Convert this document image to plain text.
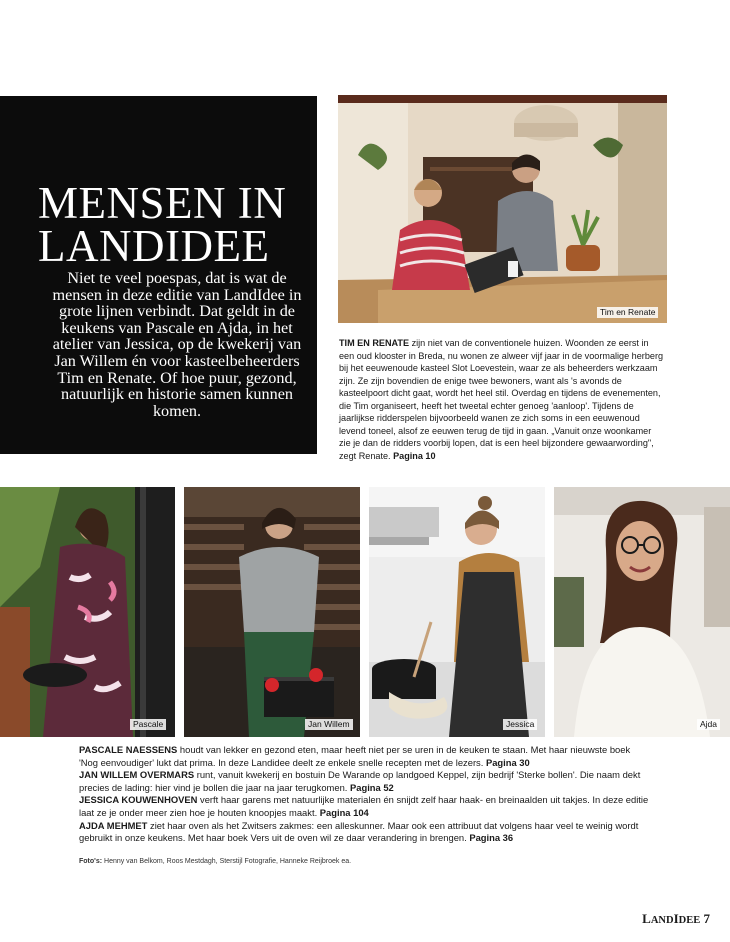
MENSEN IN
LANDIDEE

Niet te veel poespas, dat is wat de mensen in deze editie van LandIdee in grote lijnen verbindt. Dat geldt in de keukens van Pascale en Ajda, in het atelier van Jessica, op de kwekerij van Jan Willem én voor kasteelbeheerders Tim en Renate. Of hoe puur, gezond, natuurlijk en historie samen kunnen komen.

Tim en Renate

TIM EN RENATE zijn niet van de conventionele huizen. Woonden ze eerst in een oud klooster in Breda, nu wonen ze alweer vijf jaar in de voormalige herberg bij het eeuwenoude kasteel Slot Loevestein, waar ze als beheerders werkzaam zijn. Ze zijn bovendien de enige twee bewoners, want als 's avonds de kasteelpoort dicht gaat, wordt het heel stil. Overdag en tijdens de evenementen, die Tim organiseert, heeft het tweetal echter genoeg 'aanloop'. Tijdens de jaarlijkse ridderspelen bijvoorbeeld wanen ze zich soms in een eeuwenoud levend toneel, alsof ze eeuwen terug de tijd in gaan. „Vanuit onze woonkamer zie je dan de ridders voorbij lopen, dat is een heel bijzondere gewaarwording", zegt Renate. Pagina 10

Pascale	Jan Willem	Jessica	Ajda

PASCALE NAESSENS houdt van lekker en gezond eten, maar heeft niet per se uren in de keuken te staan. Met haar nieuwste boek 'Nog eenvoudiger' lukt dat prima. In deze Landidee deelt ze enkele snelle recepten met de lezers. Pagina 30

JAN WILLEM OVERMARS runt, vanuit kwekerij en bostuin De Warande op landgoed Keppel, zijn bedrijf 'Sterke bollen'. Die naam dekt precies de lading: hier vind je bollen die jaar na jaar terugkomen. Pagina 52

JESSICA KOUWENHOVEN verft haar garens met natuurlijke materialen én snijdt zelf haar haak- en breinaalden uit takjes. In deze editie laat ze je onder meer zien hoe je houten knoopjes maakt. Pagina 104

AJDA MEHMET ziet haar oven als het Zwitsers zakmes: een alleskunner. Maar ook een attribuut dat volgens haar veel te weinig wordt gebruikt in onze keukens. Met haar boek Vers uit de oven wil ze daar verandering in brengen. Pagina 36

Foto's: Henny van Belkom, Roos Mestdagh, Sterstijl Fotografie, Hanneke Reijbroek ea.
LANDIDEE 7
